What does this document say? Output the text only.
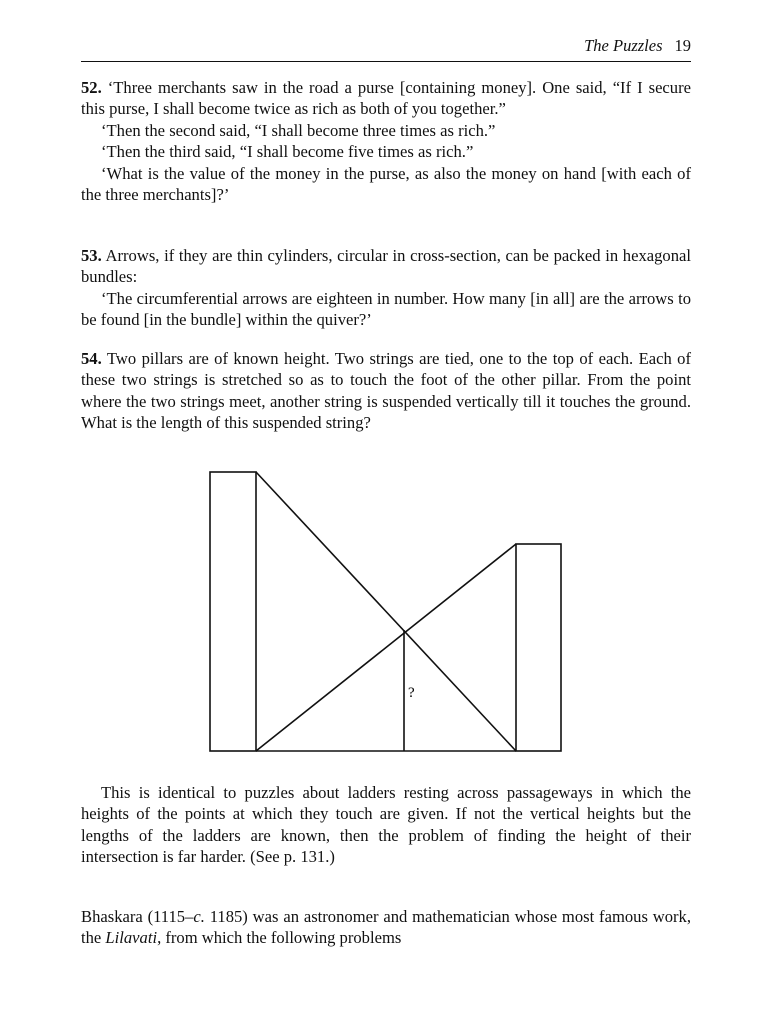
The Puzzles 19

52. ‘Three merchants saw in the road a purse [containing money]. One said, “If I secure this purse, I shall become twice as rich as both of you together.”

‘Then the second said, “I shall become three times as rich.”

‘Then the third said, “I shall become five times as rich.”

‘What is the value of the money in the purse, as also the money on hand [with each of the three merchants]?’

53. Arrows, if they are thin cylinders, circular in cross-section, can be packed in hexagonal bundles:

‘The circumferential arrows are eighteen in number. How many [in all] are the arrows to be found [in the bundle] within the quiver?’

54. Two pillars are of known height. Two strings are tied, one to the top of each. Each of these two strings is stretched so as to touch the foot of the other pillar. From the point where the two strings meet, another string is suspended vertically till it touches the ground. What is the length of this suspended string?

?

This is identical to puzzles about ladders resting across passageways in which the heights of the points at which they touch are given. If not the vertical heights but the lengths of the ladders are known, then the problem of finding the height of their intersection is far harder. (See p. 131.)

Bhaskara (1115–c. 1185) was an astronomer and mathematician whose most famous work, the Lilavati, from which the following problems
